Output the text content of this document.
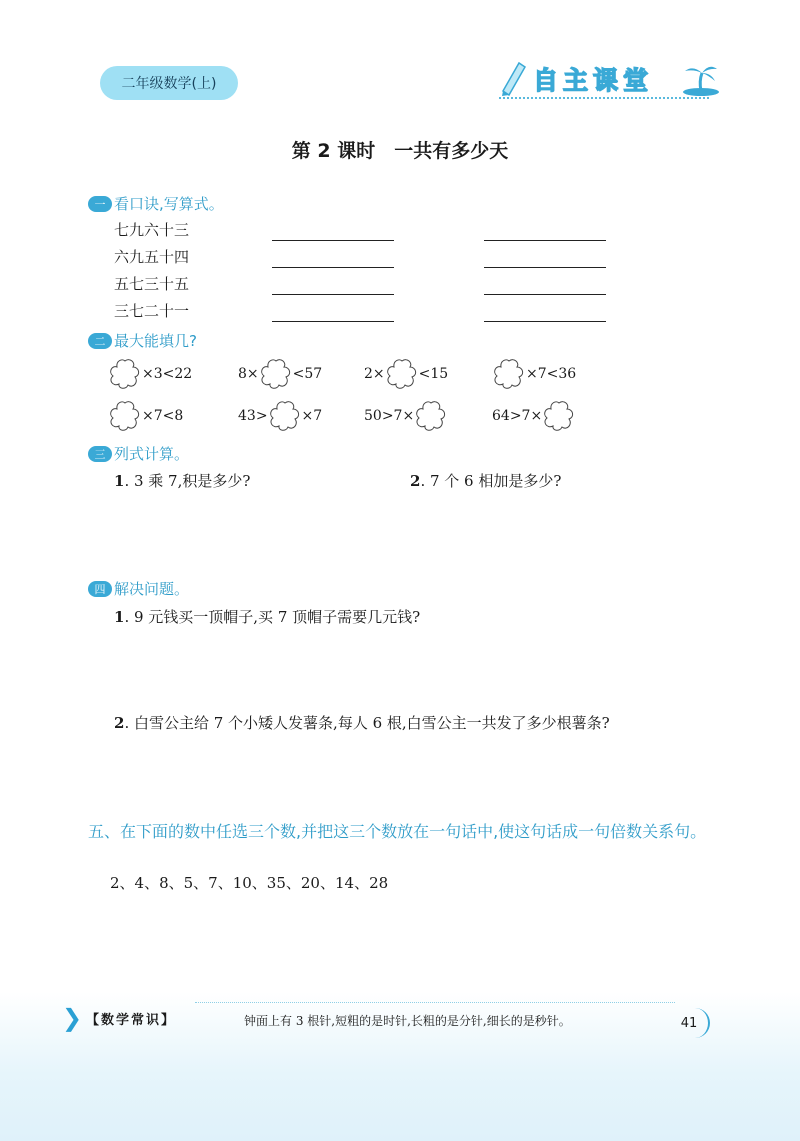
二年级数学(上)	自主课堂
第 2 课时　一共有多少天
一 看口诀,写算式。
七九六十三
六九五十四
五七三十五
三七二十一
二 最大能填几?
×3<22	8× <57	2× <15	×7<36
×7<8	43> ×7	50>7×	64>7×
三 列式计算。
1. 3 乘 7,积是多少?	2. 7 个 6 相加是多少?
四 解决问题。
1. 9 元钱买一顶帽子,买 7 顶帽子需要几元钱?
2. 白雪公主给 7 个小矮人发薯条,每人 6 根,白雪公主一共发了多少根薯条?
五、在下面的数中任选三个数,并把这三个数放在一句话中,使这句话成一句倍数关系句。
2、4、8、5、7、10、35、20、14、28
❯ 【数学常识】	钟面上有 3 根针,短粗的是时针,长粗的是分针,细长的是秒针。	41
